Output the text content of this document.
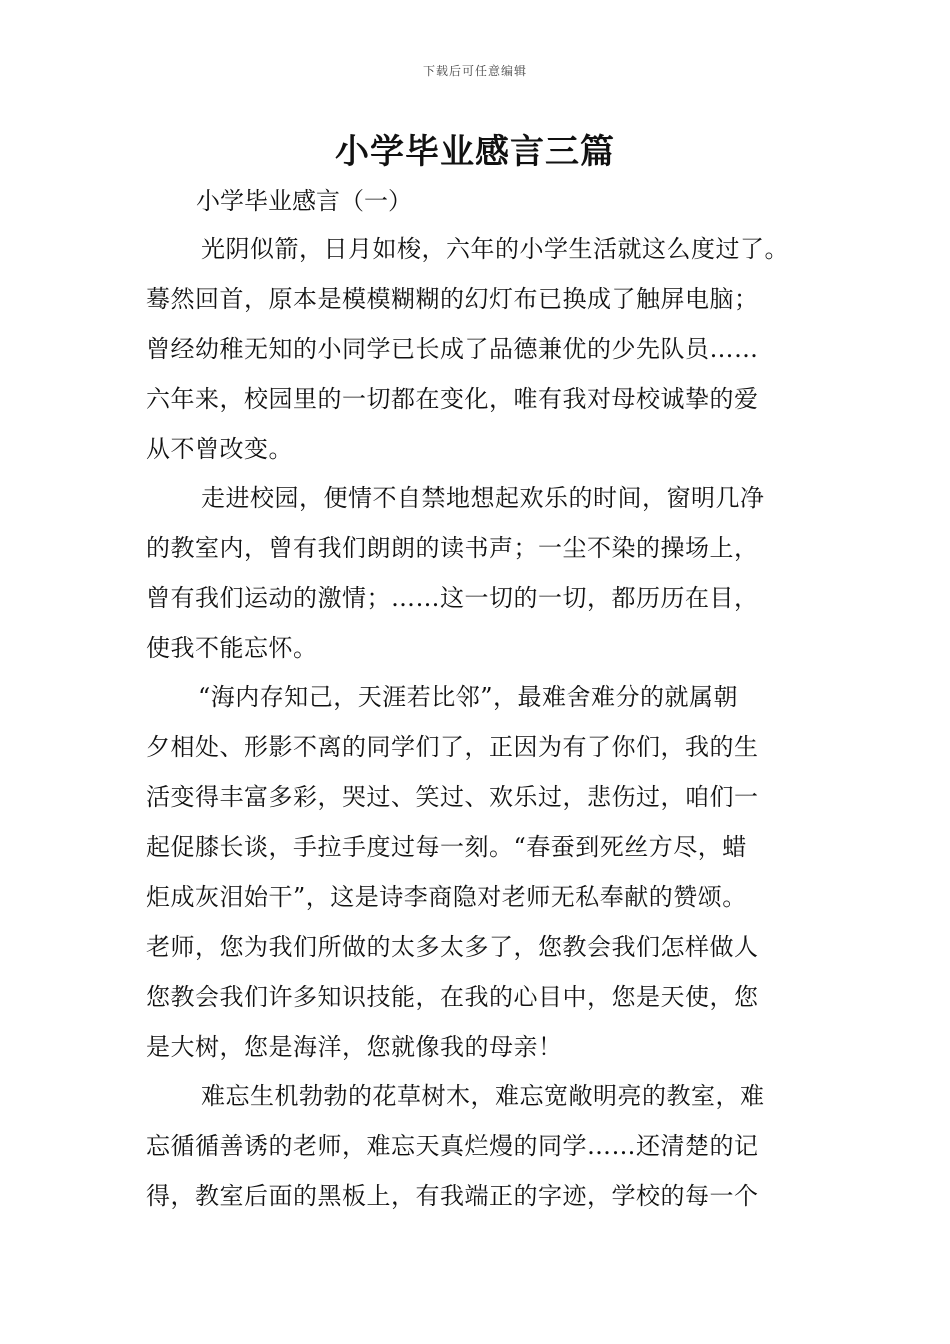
下载后可任意编辑
小学毕业感言三篇
小学毕业感言（一）
光阴似箭，日月如梭，六年的小学生活就这么度过了。
蓦然回首，原本是模模糊糊的幻灯布已换成了触屏电脑；
曾经幼稚无知的小同学已长成了品德兼优的少先队员……
六年来，校园里的一切都在变化，唯有我对母校诚挚的爱
从不曾改变。
走进校园，便情不自禁地想起欢乐的时间，窗明几净
的教室内，曾有我们朗朗的读书声；一尘不染的操场上，
曾有我们运动的激情；……这一切的一切，都历历在目，
使我不能忘怀。
“海内存知己，天涯若比邻”，最难舍难分的就属朝
夕相处、形影不离的同学们了，正因为有了你们，我的生
活变得丰富多彩，哭过、笑过、欢乐过，悲伤过，咱们一
起促膝长谈，手拉手度过每一刻。“春蚕到死丝方尽，蜡
炬成灰泪始干”，这是诗李商隐对老师无私奉献的赞颂。
老师，您为我们所做的太多太多了，您教会我们怎样做人
您教会我们许多知识技能，在我的心目中，您是天使，您
是大树，您是海洋，您就像我的母亲！
难忘生机勃勃的花草树木，难忘宽敞明亮的教室，难
忘循循善诱的老师，难忘天真烂熳的同学……还清楚的记
得，教室后面的黑板上，有我端正的字迹，学校的每一个
